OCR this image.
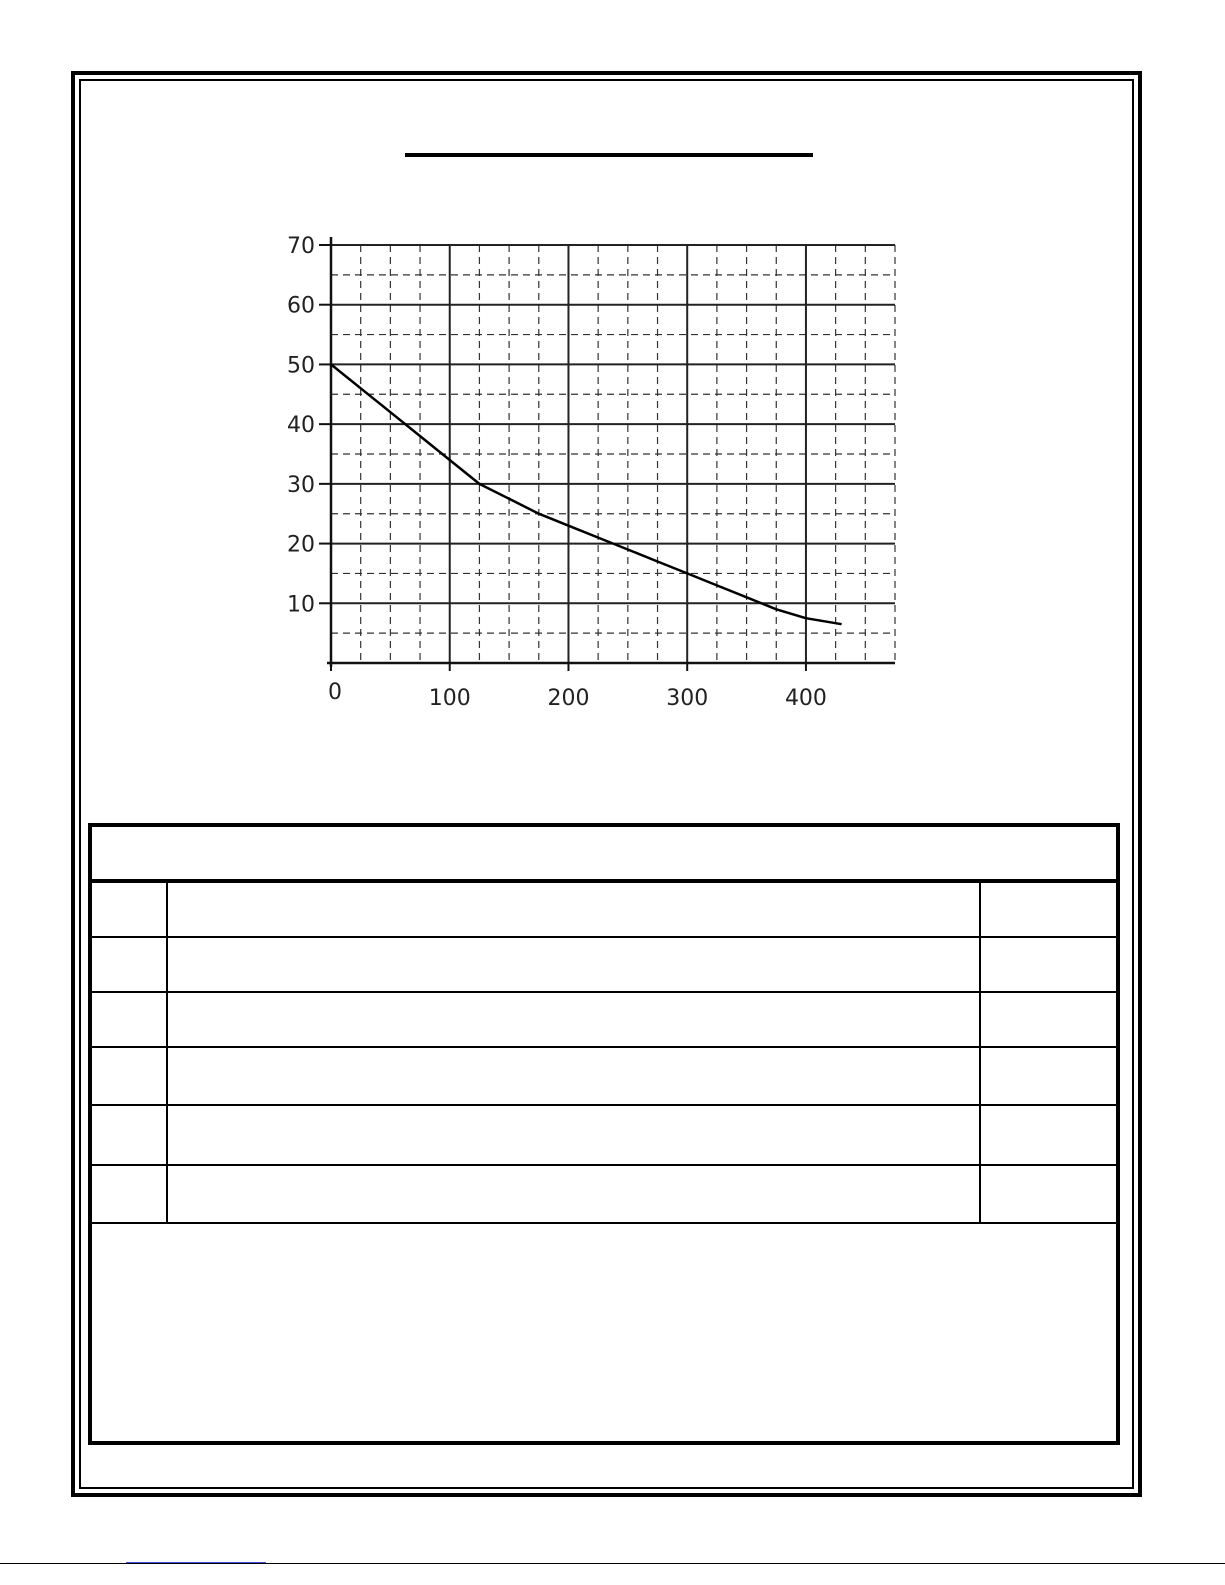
10
20
30
40
50
60
70
0	100	200	300	400
